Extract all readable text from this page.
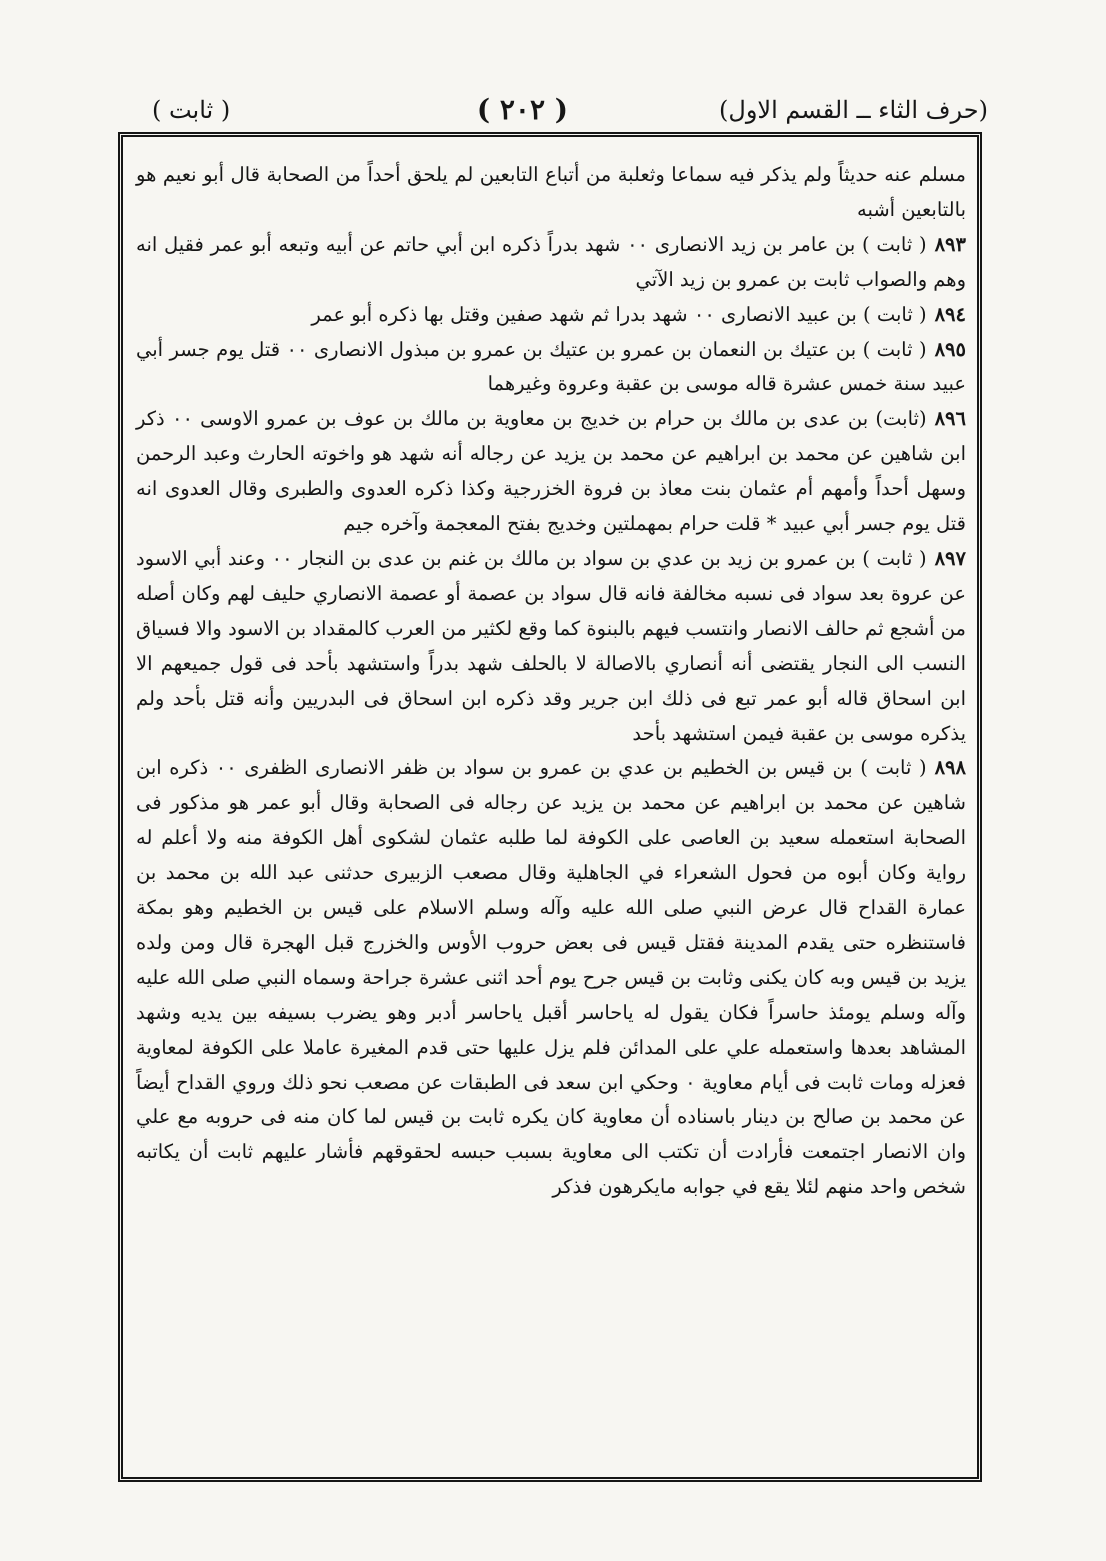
(حرف الثاء ــ القسم الاول)
( ٢٠٢ )
( ثابت )

مسلم عنه حديثاً ولم يذكر فيه سماعا وثعلبة من أتباع التابعين لم يلحق أحداً من الصحابة قال أبو نعيم هو بالتابعين أشبه

٨٩٣( ثابت ) بن عامر بن زيد الانصارى ٠٠ شهد بدراً ذكره ابن أبي حاتم عن أبيه وتبعه أبو عمر فقيل انه وهم والصواب ثابت بن عمرو بن زيد الآتي

٨٩٤( ثابت ) بن عبيد الانصارى ٠٠ شهد بدرا ثم شهد صفين وقتل بها ذكره أبو عمر

٨٩٥( ثابت ) بن عتيك بن النعمان بن عمرو بن عتيك بن عمرو بن مبذول الانصارى ٠٠ قتل يوم جسر أبي عبيد سنة خمس عشرة قاله موسى بن عقبة وعروة وغيرهما

٨٩٦(ثابت) بن عدى بن مالك بن حرام بن خديج بن معاوية بن مالك بن عوف بن عمرو الاوسى ٠٠ ذكر ابن شاهين عن محمد بن ابراهيم عن محمد بن يزيد عن رجاله أنه شهد هو واخوته الحارث وعبد الرحمن وسهل أحداً وأمهم أم عثمان بنت معاذ بن فروة الخزرجية وكذا ذكره العدوى والطبرى وقال العدوى انه قتل يوم جسر أبي عبيد * قلت حرام بمهملتين وخديج بفتح المعجمة وآخره جيم

٨٩٧( ثابت ) بن عمرو بن زيد بن عدي بن سواد بن مالك بن غنم بن عدى بن النجار ٠٠ وعند أبي الاسود عن عروة بعد سواد فى نسبه مخالفة فانه قال سواد بن عصمة أو عصمة الانصاري حليف لهم وكان أصله من أشجع ثم حالف الانصار وانتسب فيهم بالبنوة كما وقع لكثير من العرب كالمقداد بن الاسود والا فسياق النسب الى النجار يقتضى أنه أنصاري بالاصالة لا بالحلف شهد بدراً واستشهد بأحد فى قول جميعهم الا ابن اسحاق قاله أبو عمر تبع فى ذلك ابن جرير وقد ذكره ابن اسحاق فى البدريين وأنه قتل بأحد ولم يذكره موسى بن عقبة فيمن استشهد بأحد

٨٩٨( ثابت ) بن قيس بن الخطيم بن عدي بن عمرو بن سواد بن ظفر الانصارى الظفرى ٠٠ ذكره ابن شاهين عن محمد بن ابراهيم عن محمد بن يزيد عن رجاله فى الصحابة وقال أبو عمر هو مذكور فى الصحابة استعمله سعيد بن العاصى على الكوفة لما طلبه عثمان لشكوى أهل الكوفة منه ولا أعلم له رواية وكان أبوه من فحول الشعراء في الجاهلية وقال مصعب الزبيرى حدثنى عبد الله بن محمد بن عمارة القداح قال عرض النبي صلى الله عليه وآله وسلم الاسلام على قيس بن الخطيم وهو بمكة فاستنظره حتى يقدم المدينة فقتل قيس فى بعض حروب الأوس والخزرج قبل الهجرة قال ومن ولده يزيد بن قيس وبه كان يكنى وثابت بن قيس جرح يوم أحد اثنى عشرة جراحة وسماه النبي صلى الله عليه وآله وسلم يومئذ حاسراً فكان يقول له ياحاسر أقبل ياحاسر أدبر وهو يضرب بسيفه بين يديه وشهد المشاهد بعدها واستعمله علي على المدائن فلم يزل عليها حتى قدم المغيرة عاملا على الكوفة لمعاوية فعزله ومات ثابت فى أيام معاوية ٠ وحكي ابن سعد فى الطبقات عن مصعب نحو ذلك وروي القداح أيضاً عن محمد بن صالح بن دينار باسناده أن معاوية كان يكره ثابت بن قيس لما كان منه فى حروبه مع علي وان الانصار اجتمعت فأرادت أن تكتب الى معاوية بسبب حبسه لحقوقهم فأشار عليهم ثابت أن يكاتبه شخص واحد منهم لئلا يقع في جوابه مايكرهون فذكر
